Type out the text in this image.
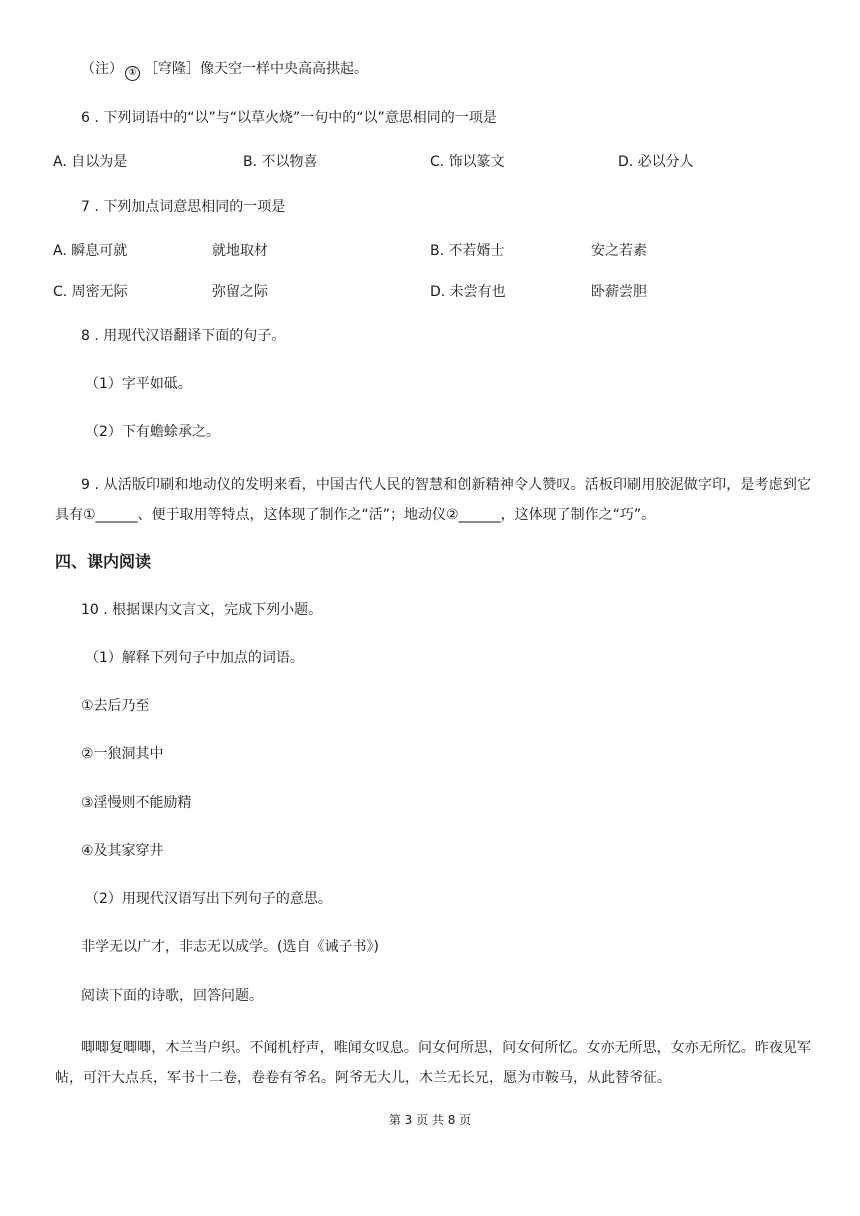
（注） ① ［穹隆］像天空一样中央高高拱起。
6 . 下列词语中的“以”与“以草火烧”一句中的“以”意思相同的一项是
A. 自以为是	B. 不以物喜	C. 饰以篆文	D. 必以分人
7 . 下列加点词意思相同的一项是
A. 瞬息可就	就地取材	B. 不若婿士	安之若素
C. 周密无际	弥留之际	D. 未尝有也	卧薪尝胆
8 . 用现代汉语翻译下面的句子。
（1）字平如砥。
（2）下有蟾蜍承之。
9 . 从活版印刷和地动仪的发明来看，中国古代人民的智慧和创新精神令人赞叹。活板印刷用胶泥做字印，是考虑到它具有①______、便于取用等特点，这体现了制作之“活”；地动仪②______，这体现了制作之“巧”。
四、课内阅读
10 . 根据课内文言文，完成下列小题。
（1）解释下列句子中加点的词语。
①去后乃至
②一狼洞其中
③淫慢则不能励精
④及其家穿井
（2）用现代汉语写出下列句子的意思。
非学无以广才，非志无以成学。(选自《诫子书》)
阅读下面的诗歌，回答问题。
唧唧复唧唧，木兰当户织。不闻机杼声，唯闻女叹息。问女何所思，问女何所忆。女亦无所思，女亦无所忆。昨夜见军帖，可汗大点兵，军书十二卷，卷卷有爷名。阿爷无大儿，木兰无长兄，愿为市鞍马，从此替爷征。
第 3 页 共 8 页
